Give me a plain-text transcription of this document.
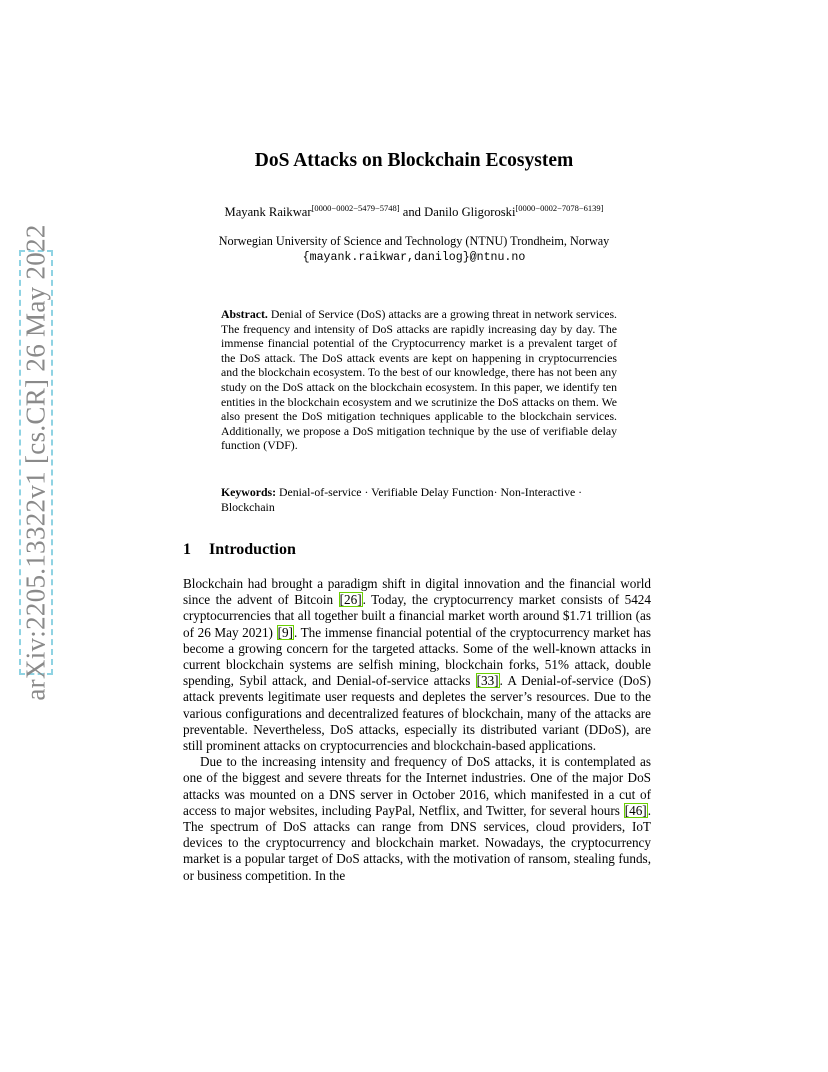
arXiv:2205.13322v1 [cs.CR] 26 May 2022
DoS Attacks on Blockchain Ecosystem
Mayank Raikwar[0000−0002−5479−5748] and Danilo Gligoroski[0000−0002−7078−6139]
Norwegian University of Science and Technology (NTNU) Trondheim, Norway
{mayank.raikwar,danilog}@ntnu.no
Abstract. Denial of Service (DoS) attacks are a growing threat in network services. The frequency and intensity of DoS attacks are rapidly increasing day by day. The immense financial potential of the Cryptocurrency market is a prevalent target of the DoS attack. The DoS attack events are kept on happening in cryptocurrencies and the blockchain ecosystem. To the best of our knowledge, there has not been any study on the DoS attack on the blockchain ecosystem. In this paper, we identify ten entities in the blockchain ecosystem and we scrutinize the DoS attacks on them. We also present the DoS mitigation techniques applicable to the blockchain services. Additionally, we propose a DoS mitigation technique by the use of verifiable delay function (VDF).
Keywords: Denial-of-service · Verifiable Delay Function· Non-Interactive · Blockchain
1 Introduction

Blockchain had brought a paradigm shift in digital innovation and the financial world since the advent of Bitcoin [26]. Today, the cryptocurrency market consists of 5424 cryptocurrencies that all together built a financial market worth around $1.71 trillion (as of 26 May 2021) [9]. The immense financial potential of the cryptocurrency market has become a growing concern for the targeted attacks. Some of the well-known attacks in current blockchain systems are selfish mining, blockchain forks, 51% attack, double spending, Sybil attack, and Denial-of-service attacks [33]. A Denial-of-service (DoS) attack prevents legitimate user requests and depletes the server’s resources. Due to the various configurations and decentralized features of blockchain, many of the attacks are preventable. Nevertheless, DoS attacks, especially its distributed variant (DDoS), are still prominent attacks on cryptocurrencies and blockchain-based applications.

Due to the increasing intensity and frequency of DoS attacks, it is contemplated as one of the biggest and severe threats for the Internet industries. One of the major DoS attacks was mounted on a DNS server in October 2016, which manifested in a cut of access to major websites, including PayPal, Netflix, and Twitter, for several hours [46]. The spectrum of DoS attacks can range from DNS services, cloud providers, IoT devices to the cryptocurrency and blockchain market. Nowadays, the cryptocurrency market is a popular target of DoS attacks, with the motivation of ransom, stealing funds, or business competition. In the
